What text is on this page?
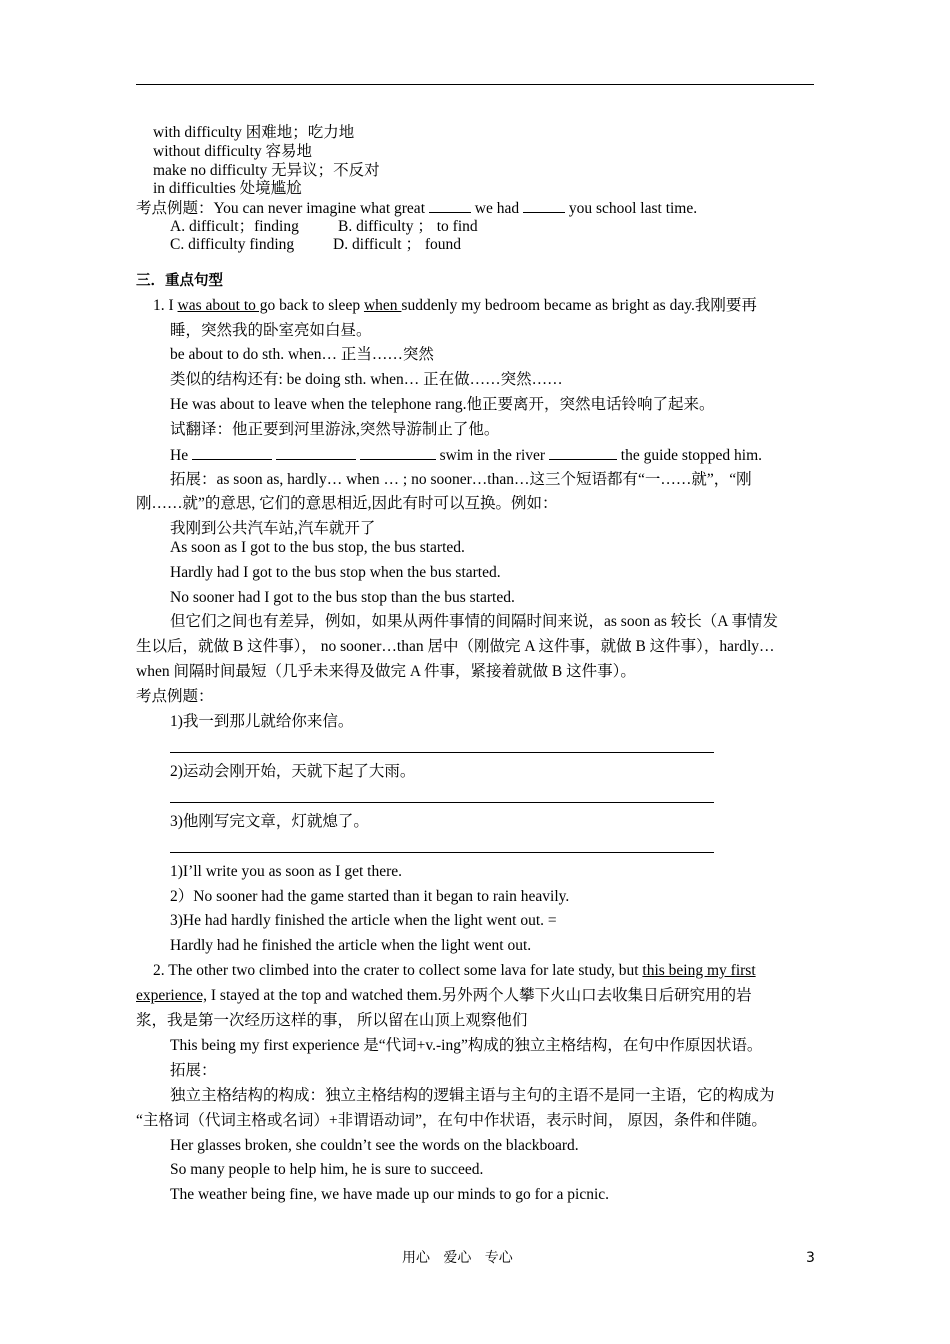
with difficulty 困难地；吃力地
without difficulty 容易地
make no difficulty 无异议；不反对
in difficulties 处境尴尬
考点例题：You can never imagine what great	we had	you school last time.
A. difficult；finding	B. difficulty ； to find
C. difficulty finding	D. difficult ； found
三．重点句型
1. I was about to go back to sleep when suddenly my bedroom became as bright as day.我刚要再
睡，突然我的卧室亮如白昼。
be about to do sth. when… 正当……突然
类似的结构还有: be doing sth. when… 正在做……突然……
He was about to leave when the telephone rang.他正要离开，突然电话铃响了起来。
试翻译：他正要到河里游泳,突然导游制止了他。
He	swim in the river	the guide stopped him.
拓展：as soon as, hardly… when … ; no sooner…than…这三个短语都有“一……就”，“刚
刚……就”的意思, 它们的意思相近,因此有时可以互换。例如：
我刚到公共汽车站,汽车就开了
As soon as I got to the bus stop, the bus started.
Hardly had I got to the bus stop when the bus started.
No sooner had I got to the bus stop than the bus started.
但它们之间也有差异，例如，如果从两件事情的间隔时间来说，as soon as 较长（A 事情发
生以后，就做 B 这件事）， no sooner…than 居中（刚做完 A 这件事，就做 B 这件事），hardly…
when 间隔时间最短（几乎未来得及做完 A 件事，紧接着就做 B 这件事）。
考点例题：
1)我一到那儿就给你来信。
2)运动会刚开始，天就下起了大雨。
3)他刚写完文章，灯就熄了。
1)I’ll write you as soon as I get there.
2）No sooner had the game started than it began to rain heavily.
3)He had hardly finished the article when the light went out. =
Hardly had he finished the article when the light went out.
2. The other two climbed into the crater to collect some lava for late study, but this being my first
experience, I stayed at the top and watched them.另外两个人攀下火山口去收集日后研究用的岩
浆，我是第一次经历这样的事， 所以留在山顶上观察他们
This being my first experience 是“代词+v.-ing”构成的独立主格结构，在句中作原因状语。
拓展：
独立主格结构的构成：独立主格结构的逻辑主语与主句的主语不是同一主语，它的构成为
“主格词（代词主格或名词）+非谓语动词”，在句中作状语，表示时间， 原因，条件和伴随。
Her glasses broken, she couldn’t see the words on the blackboard.
So many people to help him, he is sure to succeed.
The weather being fine, we have made up our minds to go for a picnic.
用心   爱心   专心	3
